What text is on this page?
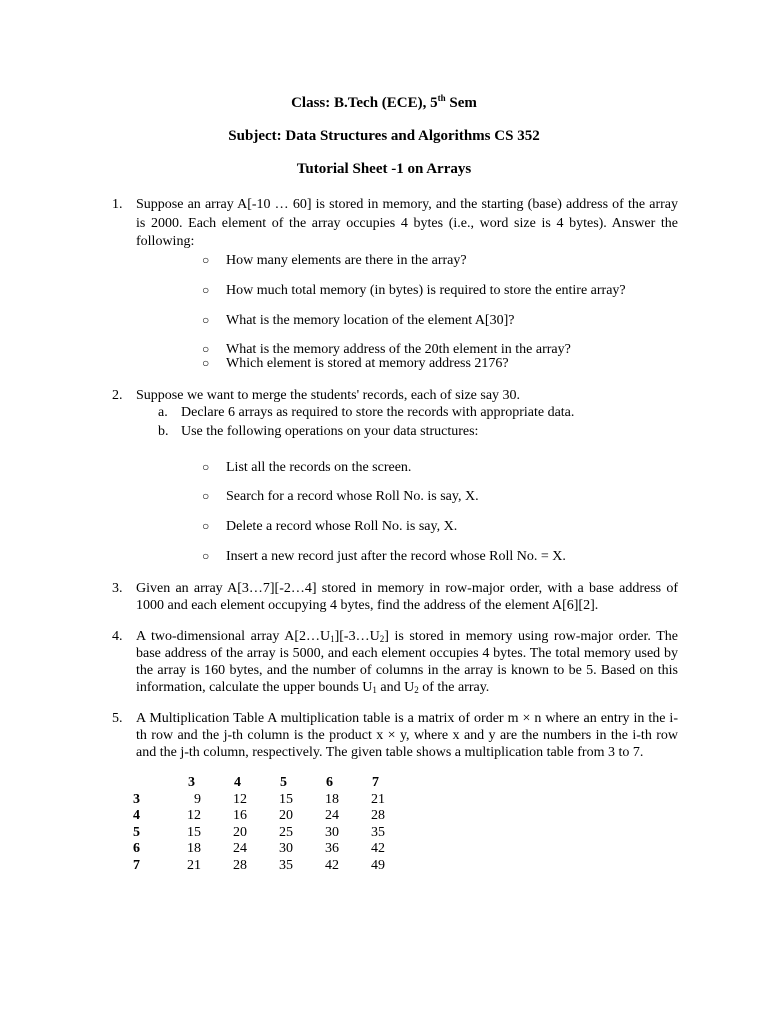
Class: B.Tech (ECE), 5th Sem
Subject: Data Structures and Algorithms CS 352
Tutorial Sheet -1 on Arrays
1. Suppose an array A[-10 … 60] is stored in memory, and the starting (base) address of the array is 2000. Each element of the array occupies 4 bytes (i.e., word size is 4 bytes). Answer the following:
○ How many elements are there in the array?
○ How much total memory (in bytes) is required to store the entire array?
○ What is the memory location of the element A[30]?
○ What is the memory address of the 20th element in the array?
○ Which element is stored at memory address 2176?
2. Suppose we want to merge the students' records, each of size say 30.
a. Declare 6 arrays as required to store the records with appropriate data.
b. Use the following operations on your data structures:
○ List all the records on the screen.
○ Search for a record whose Roll No. is say, X.
○ Delete a record whose Roll No. is say, X.
○ Insert a new record just after the record whose Roll No. = X.
3. Given an array A[3…7][-2…4] stored in memory in row-major order, with a base address of 1000 and each element occupying 4 bytes, find the address of the element A[6][2].
4. A two-dimensional array $A[2\dots U_1][-3\dots U_2]$ is stored in memory using row-major order. The base address of the array is 5000, and each element occupies 4 bytes. The total memory used by the array is 160 bytes, and the number of columns in the array is known to be 5. Based on this information, calculate the upper bounds $U_1$ and $U_2$ of the array.
5. A Multiplication Table A multiplication table is a matrix of order m × n where an entry in the i-th row and the j-th column is the product x × y, where x and y are the numbers in the i-th row and the j-th column, respectively. The given table shows a multiplication table from 3 to 7.
	3	4	5	6	7
3	9	12	15	18	21
4	12	16	20	24	28
5	15	20	25	30	35
6	18	24	30	36	42
7	21	28	35	42	49
